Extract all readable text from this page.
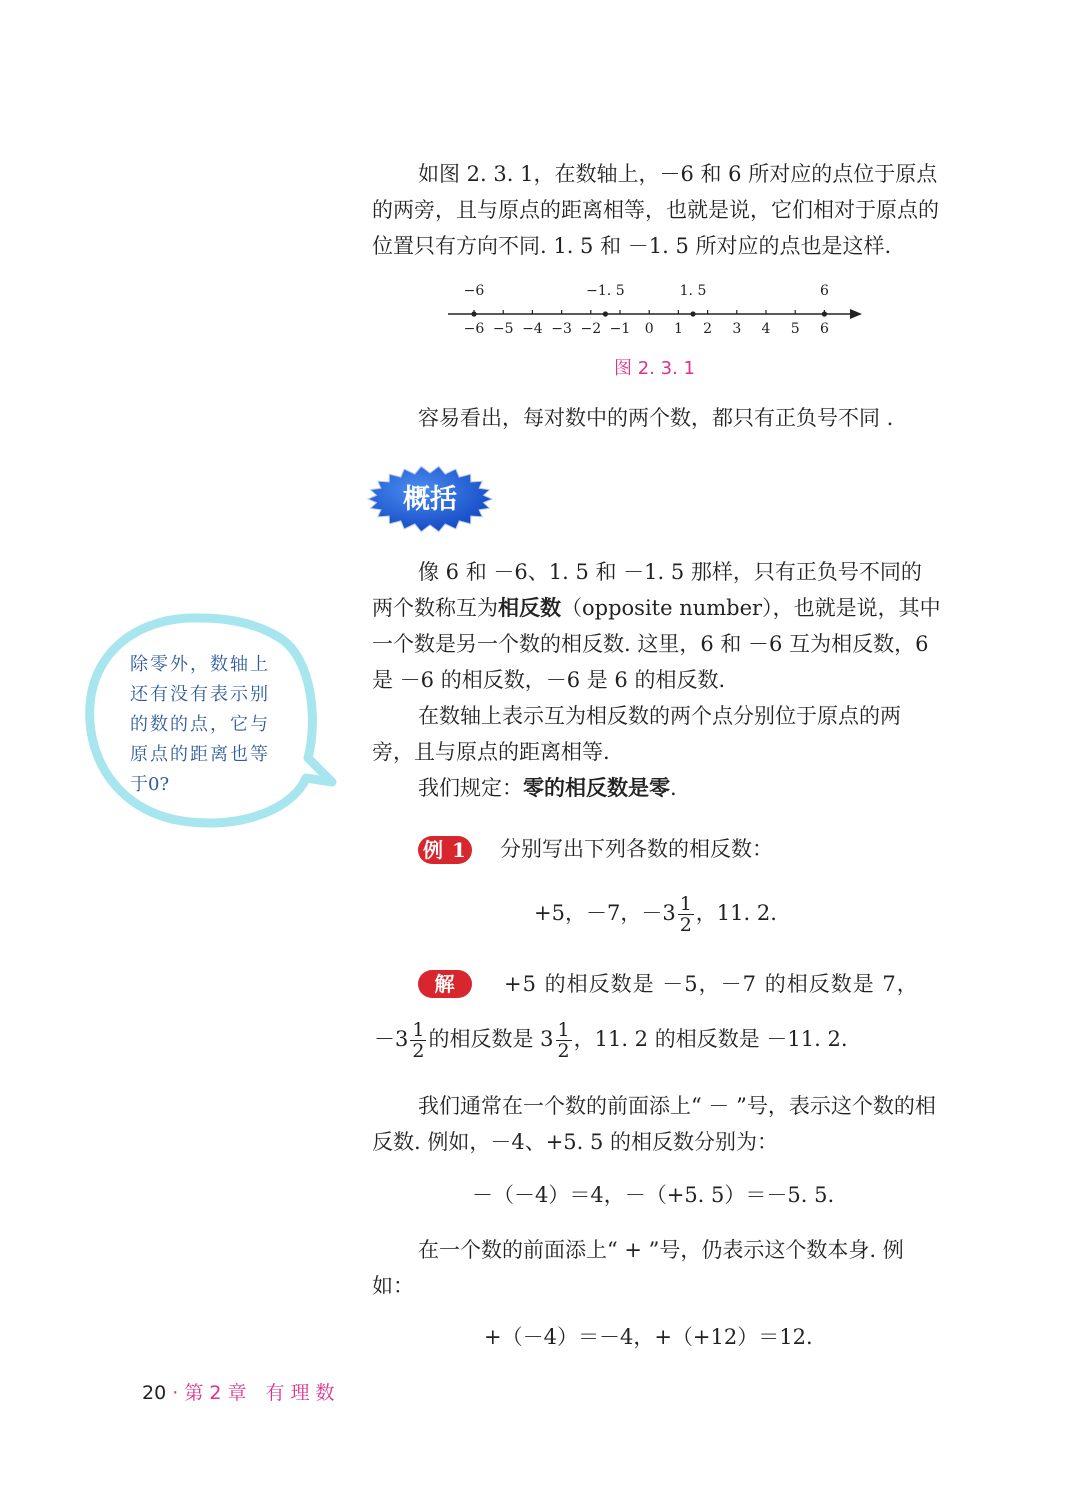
如图 2. 3. 1，在数轴上，－6 和 6 所对应的点位于原点的两旁，且与原点的距离相等，也就是说，它们相对于原点的位置只有方向不同. 1. 5 和 －1. 5 所对应的点也是这样.

−6 −5 −4 −3 −2 −1 0 1 2 3 4 5 6
−6	−1. 5	1. 5	6
图 2. 3. 1

容易看出，每对数中的两个数，都只有正负号不同 .

概括

像 6 和 －6、1. 5 和 －1. 5 那样，只有正负号不同的两个数称互为相反数（opposite number），也就是说，其中一个数是另一个数的相反数. 这里，6 和 －6 互为相反数，6 是 －6 的相反数，－6 是 6 的相反数.

在数轴上表示互为相反数的两个点分别位于原点的两旁，且与原点的距离相等.

我们规定：零的相反数是零.

除零外，数轴上还有没有表示别的数的点，它与原点的距离也等于0?
例 1 分别写出下列各数的相反数：
+5，－7，$-3 \frac{1}{2}$ ，11. 2.
解	+5 的相反数是 －5，－7 的相反数是 7，
$-3 \frac{1}{2}$ 的相反数是 $3 \frac{1}{2}$ ，11. 2 的相反数是 －11. 2.

我们通常在一个数的前面添上“ － ”号，表示这个数的相反数. 例如，－4、+5. 5 的相反数分别为：

－（－4）＝4，－（+5. 5）＝－5. 5.

在一个数的前面添上“ + ”号，仍表示这个数本身. 例如：

+（－4）＝－4，+（+12）＝12.
20 · 第 2 章　有 理 数
